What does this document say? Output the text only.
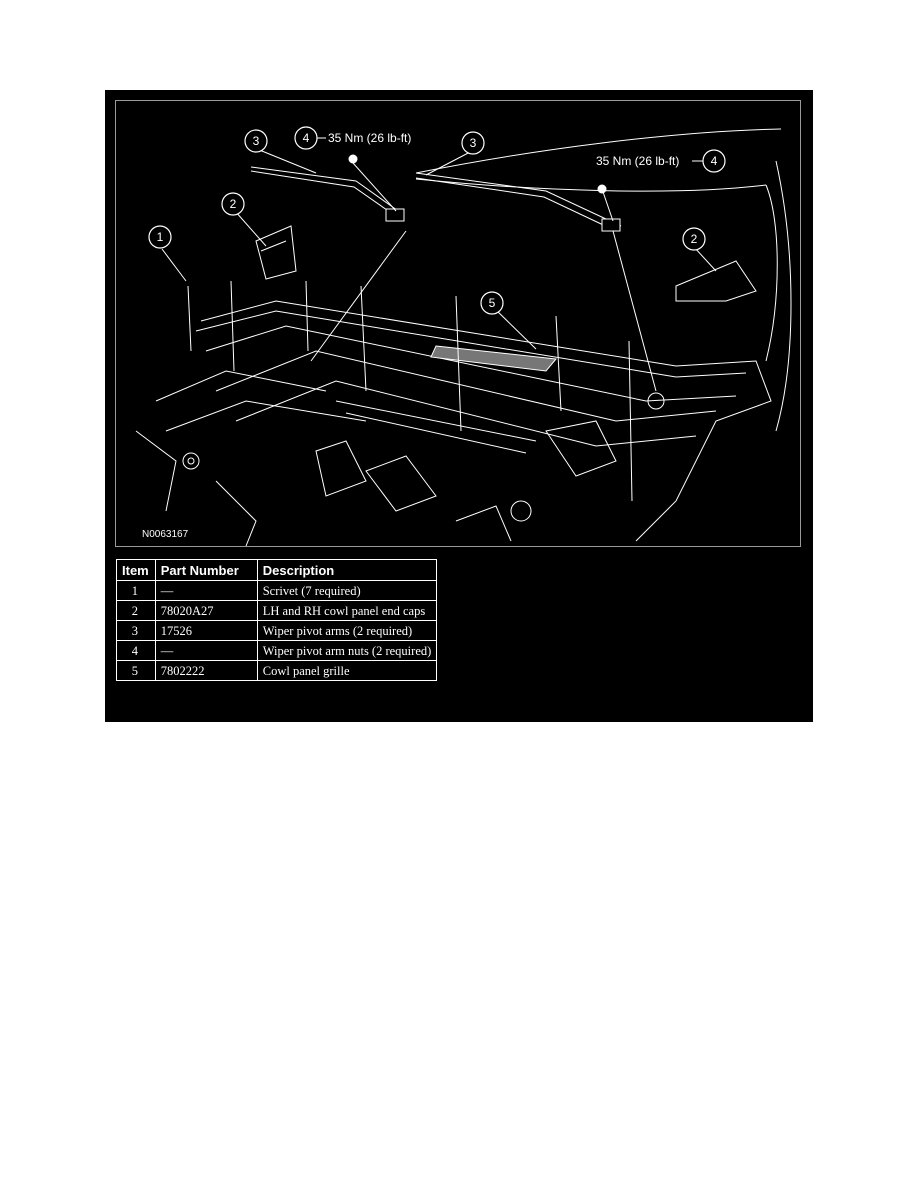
1
2
3	4
5
2
3
4
35 Nm (26 lb-ft)
35 Nm (26 lb-ft)
N0063167
Item	Part Number	Description
1	—	Scrivet (7 required)
2	78020A27	LH and RH cowl panel end caps
3	17526	Wiper pivot arms (2 required)
4	—	Wiper pivot arm nuts (2 required)
5	7802222	Cowl panel grille
